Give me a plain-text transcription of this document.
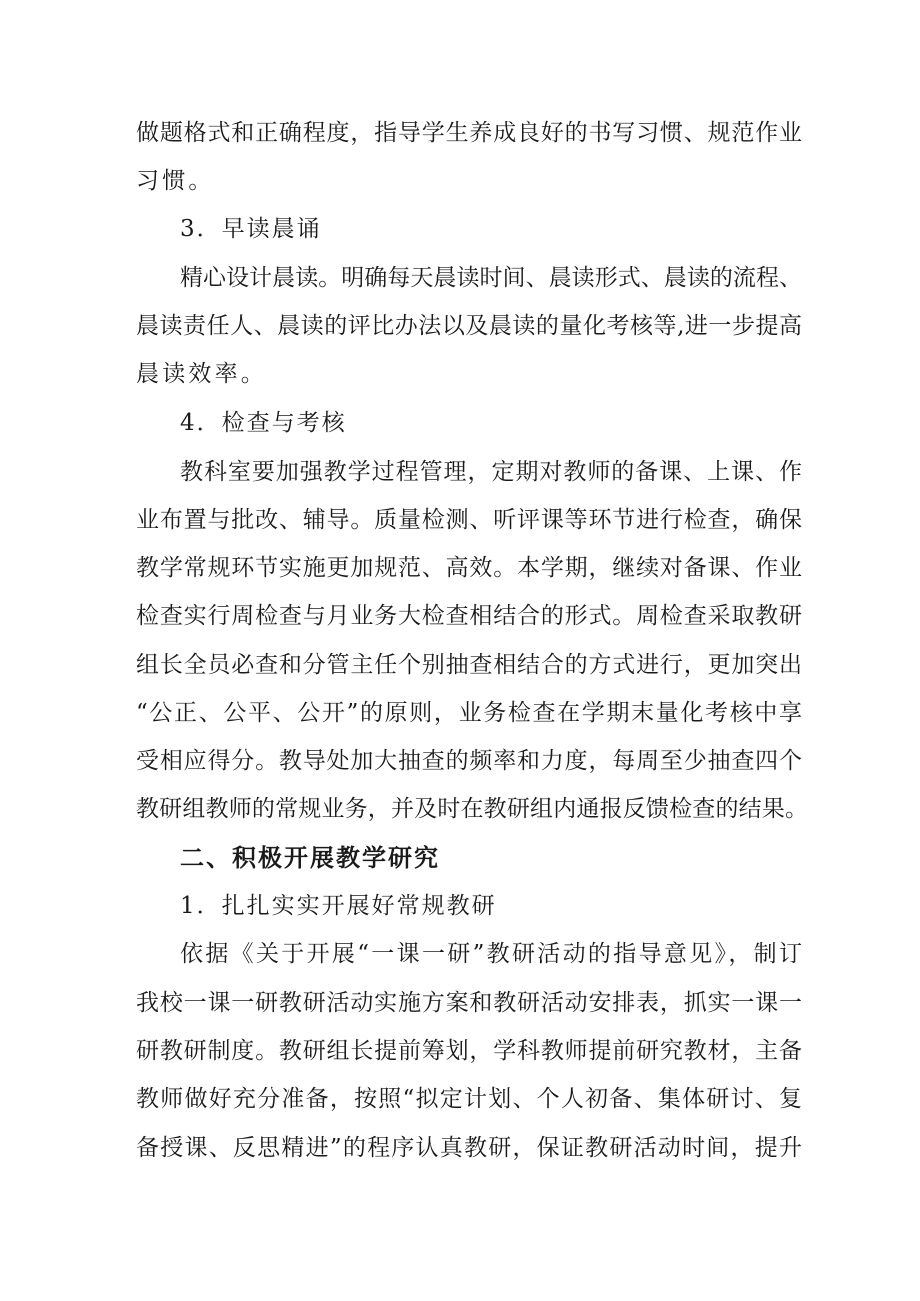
做题格式和正确程度，指导学生养成良好的书写习惯、规范作业
习惯。
3．早读晨诵
精心设计晨读。明确每天晨读时间、晨读形式、晨读的流程、
晨读责任人、晨读的评比办法以及晨读的量化考核等,进一步提高
晨读效率。
4．检查与考核
教科室要加强教学过程管理，定期对教师的备课、上课、作
业布置与批改、辅导。质量检测、听评课等环节进行检查，确保
教学常规环节实施更加规范、高效。本学期，继续对备课、作业
检查实行周检查与月业务大检查相结合的形式。周检查采取教研
组长全员必查和分管主任个别抽查相结合的方式进行，更加突出
“公正、公平、公开”的原则，业务检查在学期末量化考核中享
受相应得分。教导处加大抽查的频率和力度，每周至少抽查四个
教研组教师的常规业务，并及时在教研组内通报反馈检查的结果。
二、积极开展教学研究
1．扎扎实实开展好常规教研
依据《关于开展“一课一研”教研活动的指导意见》，制订
我校一课一研教研活动实施方案和教研活动安排表，抓实一课一
研教研制度。教研组长提前筹划，学科教师提前研究教材，主备
教师做好充分准备，按照“拟定计划、个人初备、集体研讨、复
备授课、反思精进”的程序认真教研，保证教研活动时间，提升
